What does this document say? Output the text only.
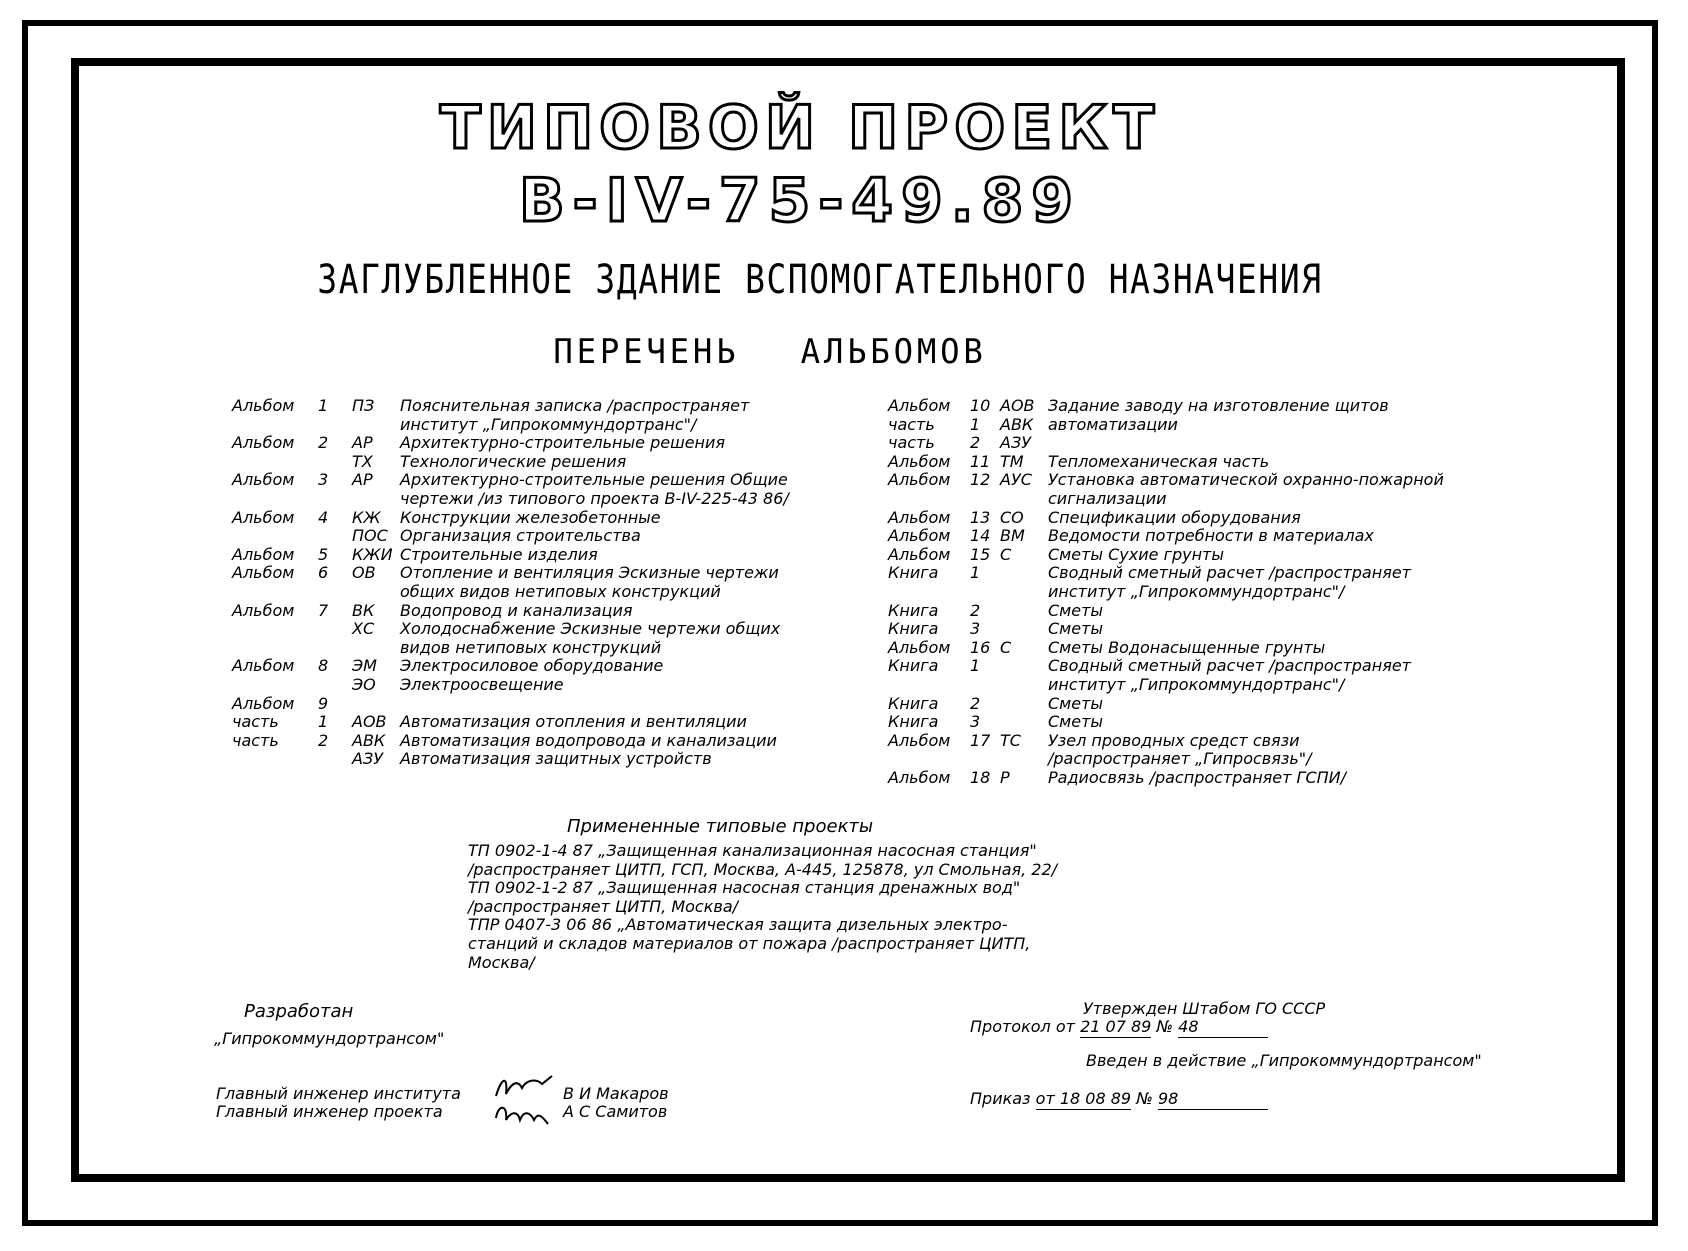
ТИПОВОЙ ПРОЕКТ
В-IV-75-49.89
ЗАГЛУБЛЕННОЕ ЗДАНИЕ ВСПОМОГАТЕЛЬНОГО НАЗНАЧЕНИЯ
ПЕРЕЧЕНЬ АЛЬБОМОВ
Альбом 1 ПЗ Пояснительная записка /распространяет
институт „Гипрокоммундортранс"/
Альбом 2 АР Архитектурно-строительные решения
ТХ Технологические решения
Альбом 3 АР Архитектурно-строительные решения Общие
чертежи /из типового проекта В-IV-225-43 86/
Альбом 4 КЖ Конструкции железобетонные
ПОС Организация строительства
Альбом 5 КЖИ Строительные изделия
Альбом 6 ОВ Отопление и вентиляция Эскизные чертежи
общих видов нетиповых конструкций
Альбом 7 ВК Водопровод и канализация
ХС Холодоснабжение Эскизные чертежи общих
видов нетиповых конструкций
Альбом 8 ЭМ Электросиловое оборудование
ЭО Электроосвещение
Альбом 9
часть 1 АОВ Автоматизация отопления и вентиляции
часть 2 АВК Автоматизация водопровода и канализации
АЗУ Автоматизация защитных устройств
Альбом 10 АОВ Задание заводу на изготовление щитов
часть 1 АВК автоматизации
часть 2 АЗУ
Альбом 11 ТМ Тепломеханическая часть
Альбом 12 АУС Установка автоматической охранно-пожарной
сигнализации
Альбом 13 СО Спецификации оборудования
Альбом 14 ВМ Ведомости потребности в материалах
Альбом 15 С Сметы Сухие грунты
Книга 1	Сводный сметный расчет /распространяет
институт „Гипрокоммундортранс"/
Книга 2	Сметы
Книга 3	Сметы
Альбом 16 С Сметы Водонасыщенные грунты
Книга 1	Сводный сметный расчет /распространяет
институт „Гипрокоммундортранс"/
Книга 2	Сметы
Книга 3	Сметы
Альбом 17 ТС Узел проводных средст связи
/распространяет „Гипросвязь"/
Альбом 18 Р Радиосвязь /распространяет ГСПИ/
Примененные типовые проекты
ТП 0902-1-4 87 „Защищенная канализационная насосная станция"
/распространяет ЦИТП, ГСП, Москва, А-445, 125878, ул Смольная, 22/
ТП 0902-1-2 87 „Защищенная насосная станция дренажных вод"
/распространяет ЦИТП, Москва/
ТПР 0407-3 06 86 „Автоматическая защита дизельных электро-
станций и складов материалов от пожара /распространяет ЦИТП,
Москва/
Разработан
„Гипрокоммундортрансом"
Главный инженер института
Главный инженер проекта
В И Макаров
А С Самитов
Утвержден Штабом ГО СССР
Протокол от 21 07 89 № 48
Введен в действие „Гипрокоммундортрансом"
Приказ от 18 08 89 № 98
